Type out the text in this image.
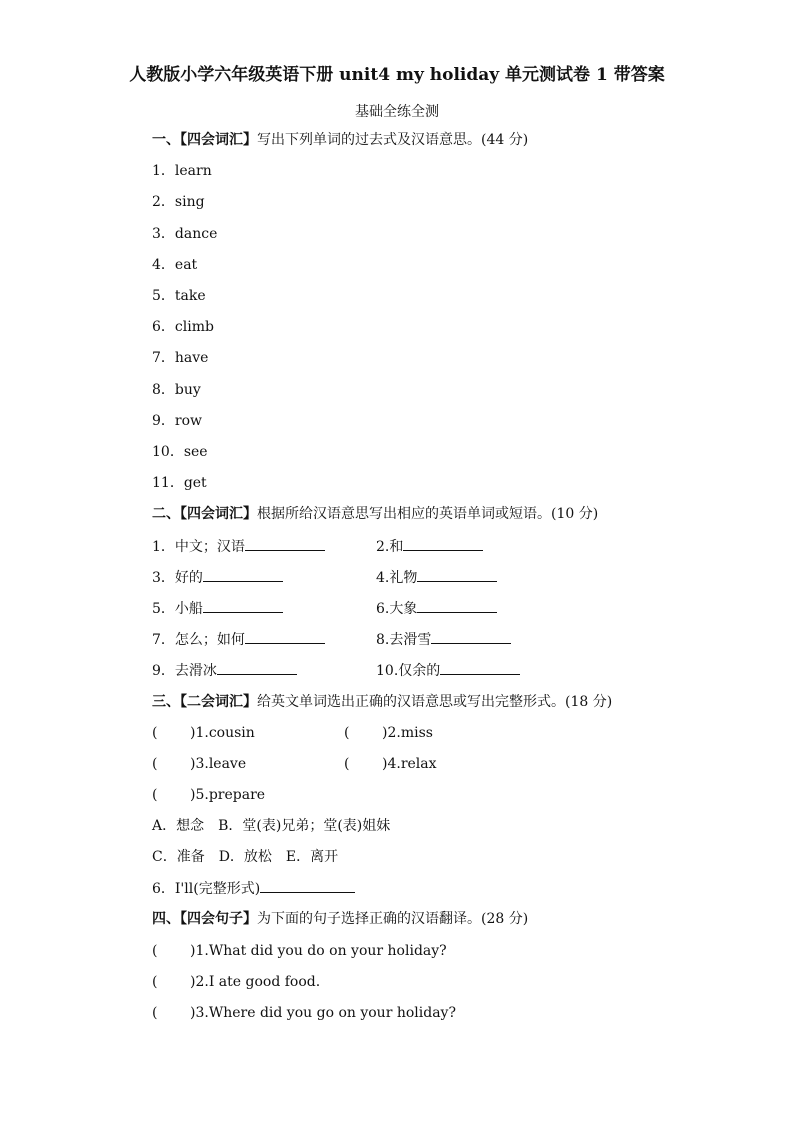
人教版小学六年级英语下册 unit4 my holiday 单元测试卷 1 带答案
基础全练全测
一、【四会词汇】写出下列单词的过去式及汉语意思。(44 分)
1．learn
2．sing
3．dance
4．eat
5．take
6．climb
7．have
8．buy
9．row
10．see
11．get
二、【四会词汇】根据所给汉语意思写出相应的英语单词或短语。(10 分)
1．中文；汉语	2.和
3．好的	4.礼物
5．小船	6.大象
7．怎么；如何	8.去滑雪
9．去滑冰	10.仅余的
三、【二会词汇】给英文单词选出正确的汉语意思或写出完整形式。(18 分)
( )1.cousin	( )2.miss
( )3.leave	( )4.relax
( )5.prepare
A．想念　B．堂(表)兄弟；堂(表)姐妹
C．准备　D．放松　E．离开
6．I'll(完整形式)
四、【四会句子】为下面的句子选择正确的汉语翻译。(28 分)
( )1.What did you do on your holiday?
( )2.I ate good food.
( )3.Where did you go on your holiday?
